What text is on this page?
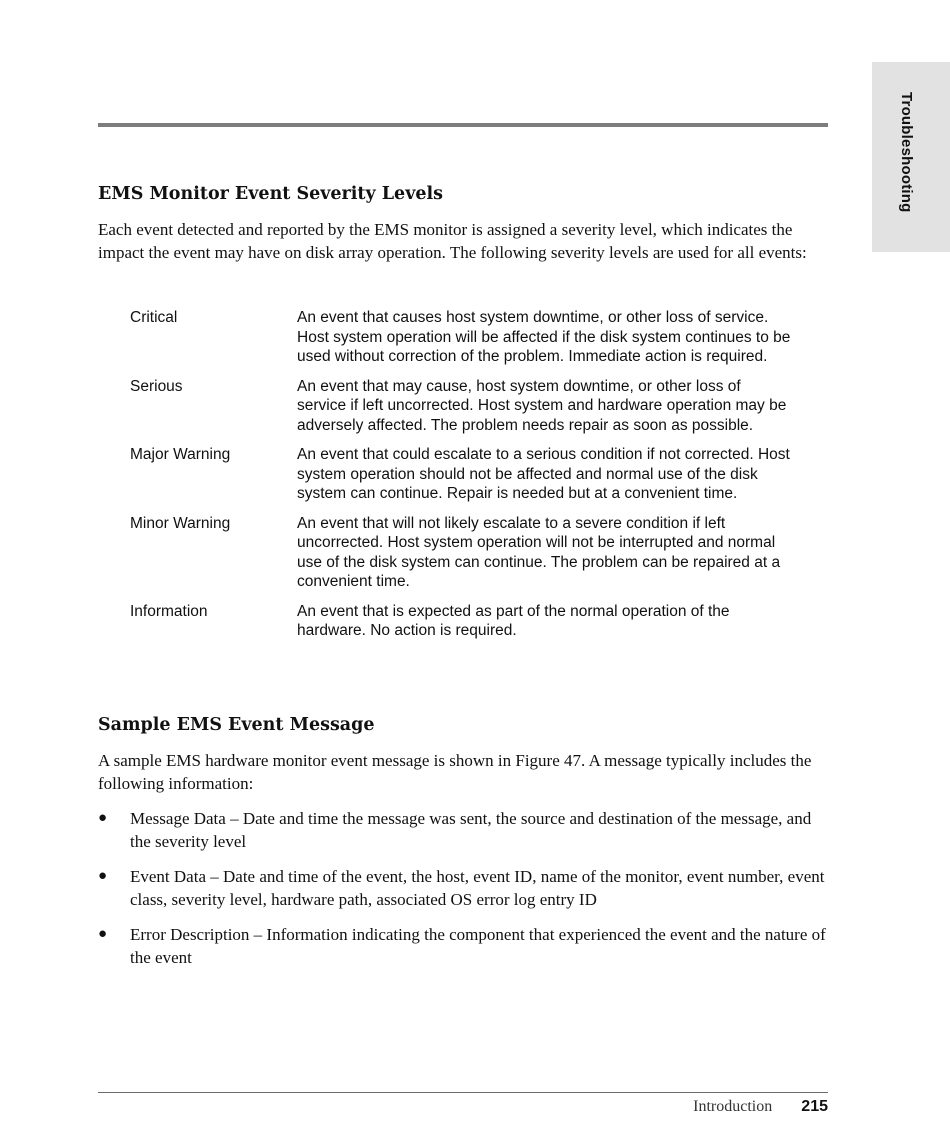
Troubleshooting
EMS Monitor Event Severity Levels

Each event detected and reported by the EMS monitor is assigned a severity level, which indicates the impact the event may have on disk array operation. The following severity levels are used for all events:

Critical	An event that causes host system downtime, or other loss of service. Host system operation will be affected if the disk system continues to be used without correction of the problem. Immediate action is required.
Serious	An event that may cause, host system downtime, or other loss of service if left uncorrected. Host system and hardware operation may be adversely affected. The problem needs repair as soon as possible.
Major Warning	An event that could escalate to a serious condition if not corrected. Host system operation should not be affected and normal use of the disk system can continue. Repair is needed but at a convenient time.
Minor Warning	An event that will not likely escalate to a severe condition if left uncorrected. Host system operation will not be interrupted and normal use of the disk system can continue. The problem can be repaired at a convenient time.
Information	An event that is expected as part of the normal operation of the hardware. No action is required.
Sample EMS Event Message

A sample EMS hardware monitor event message is shown in Figure 47. A message typically includes the following information:

● Message Data – Date and time the message was sent, the source and destination of the message, and the severity level
● Event Data – Date and time of the event, the host, event ID, name of the monitor, event number, event class, severity level, hardware path, associated OS error log entry ID
● Error Description – Information indicating the component that experienced the event and the nature of the event
Introduction 215
